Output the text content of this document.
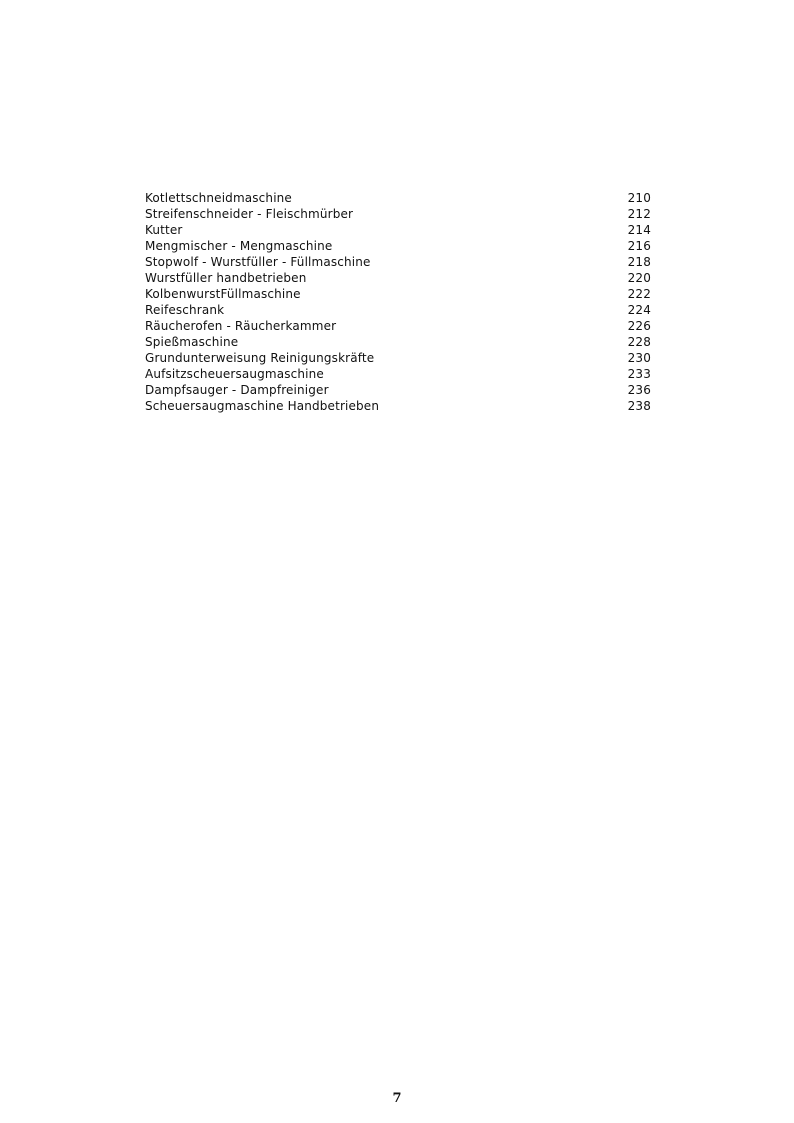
Kotlettschneidmaschine	210
Streifenschneider - Fleischmürber	212
Kutter	214
Mengmischer - Mengmaschine	216
Stopwolf - Wurstfüller - Füllmaschine	218
Wurstfüller handbetrieben	220
KolbenwurstFüllmaschine	222
Reifeschrank	224
Räucherofen - Räucherkammer	226
Spießmaschine	228
Grundunterweisung Reinigungskräfte	230
Aufsitzscheuersaugmaschine	233
Dampfsauger - Dampfreiniger	236
Scheuersaugmaschine Handbetrieben	238
7
